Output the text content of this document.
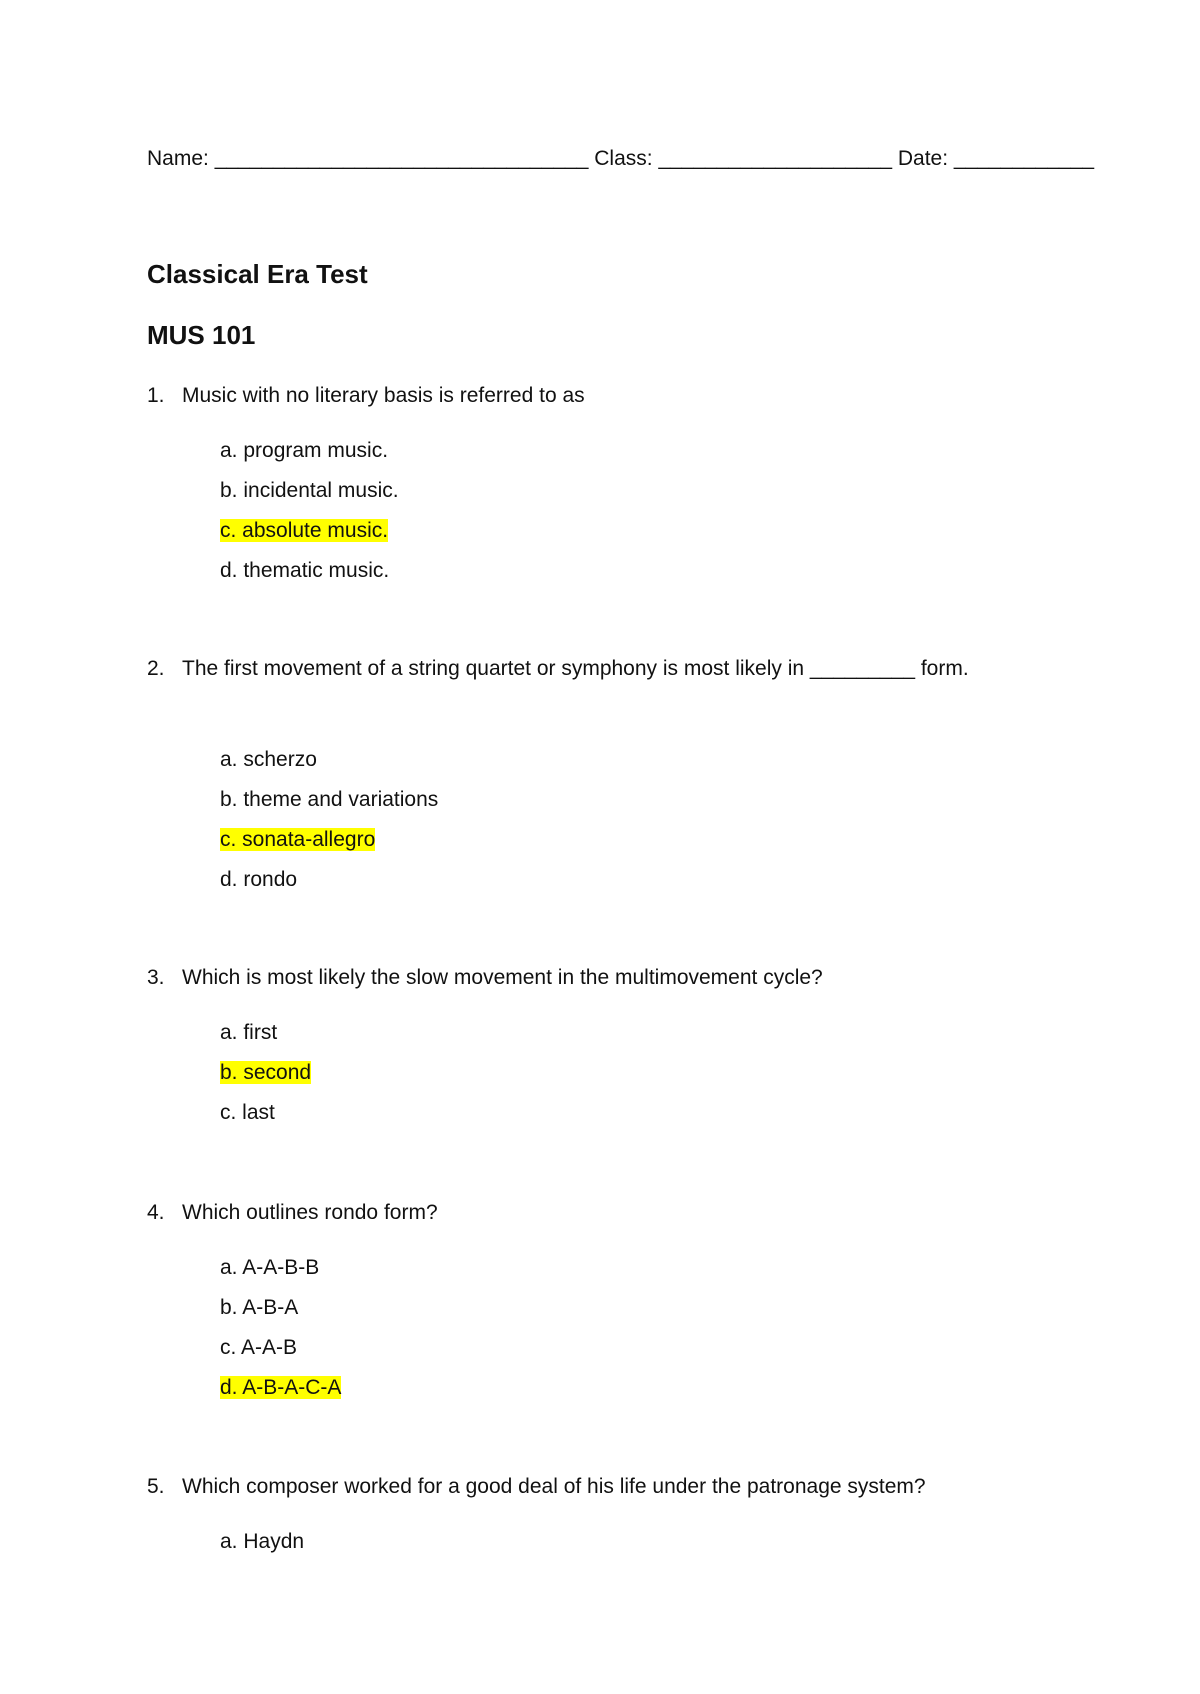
Name: ________________________________ Class: ____________________ Date: ____________
Classical Era Test
MUS 101
1. Music with no literary basis is referred to as
a. program music.
b. incidental music.
c. absolute music.
d. thematic music.
2. The first movement of a string quartet or symphony is most likely in _________ form.
a. scherzo
b. theme and variations
c. sonata-allegro
d. rondo
3. Which is most likely the slow movement in the multimovement cycle?
a. first
b. second
c. last
4. Which outlines rondo form?
a. A-A-B-B
b. A-B-A
c. A-A-B
d. A-B-A-C-A
5. Which composer worked for a good deal of his life under the patronage system?
a. Haydn
